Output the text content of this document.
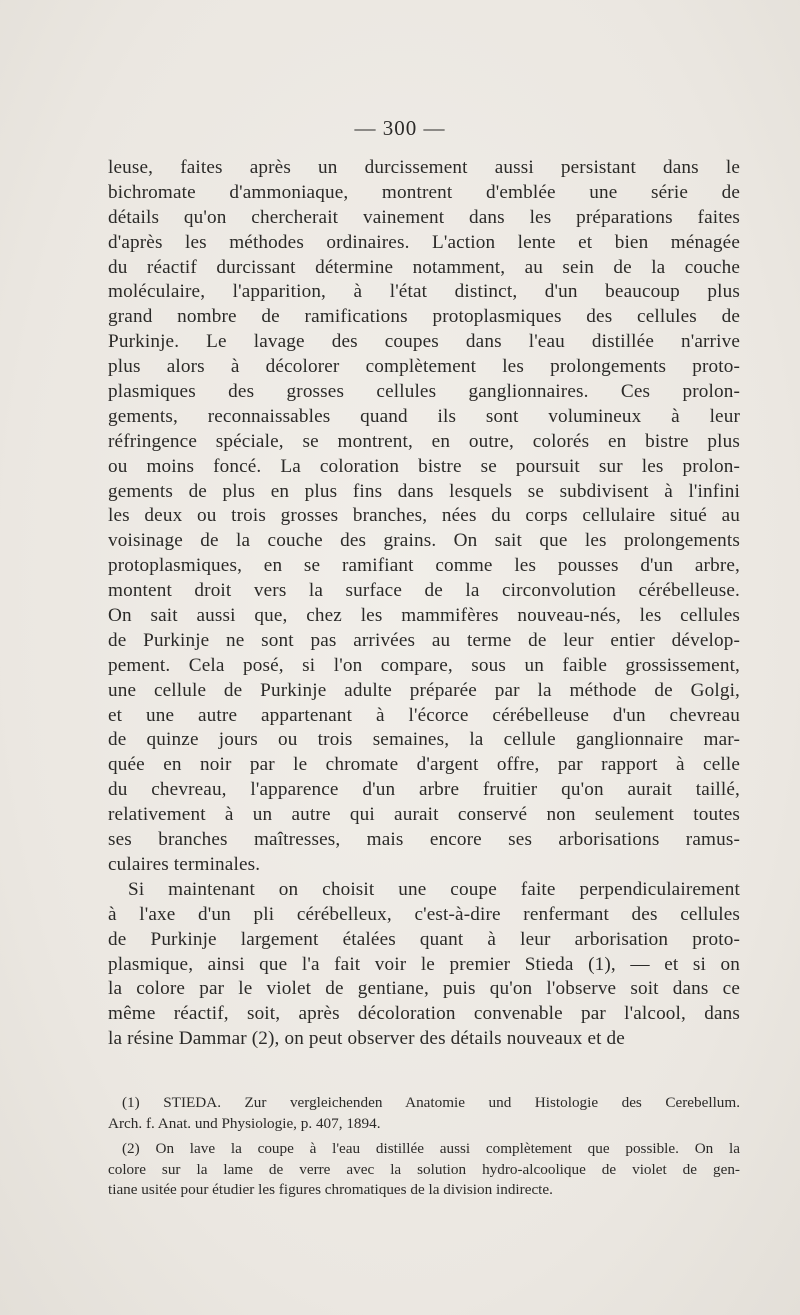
— 300 —
leuse, faites après un durcissement aussi persistant dans le
bichromate d'ammoniaque, montrent d'emblée une série de
détails qu'on chercherait vainement dans les préparations faites
d'après les méthodes ordinaires. L'action lente et bien ménagée
du réactif durcissant détermine notamment, au sein de la couche
moléculaire, l'apparition, à l'état distinct, d'un beaucoup plus
grand nombre de ramifications protoplasmiques des cellules de
Purkinje. Le lavage des coupes dans l'eau distillée n'arrive
plus alors à décolorer complètement les prolongements proto-
plasmiques des grosses cellules ganglionnaires. Ces prolon-
gements, reconnaissables quand ils sont volumineux à leur
réfringence spéciale, se montrent, en outre, colorés en bistre plus
ou moins foncé. La coloration bistre se poursuit sur les prolon-
gements de plus en plus fins dans lesquels se subdivisent à l'infini
les deux ou trois grosses branches, nées du corps cellulaire situé au
voisinage de la couche des grains. On sait que les prolongements
protoplasmiques, en se ramifiant comme les pousses d'un arbre,
montent droit vers la surface de la circonvolution cérébelleuse.
On sait aussi que, chez les mammifères nouveau-nés, les cellules
de Purkinje ne sont pas arrivées au terme de leur entier dévelop-
pement. Cela posé, si l'on compare, sous un faible grossissement,
une cellule de Purkinje adulte préparée par la méthode de Golgi,
et une autre appartenant à l'écorce cérébelleuse d'un chevreau
de quinze jours ou trois semaines, la cellule ganglionnaire mar-
quée en noir par le chromate d'argent offre, par rapport à celle
du chevreau, l'apparence d'un arbre fruitier qu'on aurait taillé,
relativement à un autre qui aurait conservé non seulement toutes
ses branches maîtresses, mais encore ses arborisations ramus-
culaires terminales.
Si maintenant on choisit une coupe faite perpendiculairement
à l'axe d'un pli cérébelleux, c'est-à-dire renfermant des cellules
de Purkinje largement étalées quant à leur arborisation proto-
plasmique, ainsi que l'a fait voir le premier Stieda (1), — et si on
la colore par le violet de gentiane, puis qu'on l'observe soit dans ce
même réactif, soit, après décoloration convenable par l'alcool, dans
la résine Dammar (2), on peut observer des détails nouveaux et de
(1) STIEDA. Zur vergleichenden Anatomie und Histologie des Cerebellum.
Arch. f. Anat. und Physiologie, p. 407, 1894.
(2) On lave la coupe à l'eau distillée aussi complètement que possible. On la
colore sur la lame de verre avec la solution hydro-alcoolique de violet de gen-
tiane usitée pour étudier les figures chromatiques de la division indirecte.
